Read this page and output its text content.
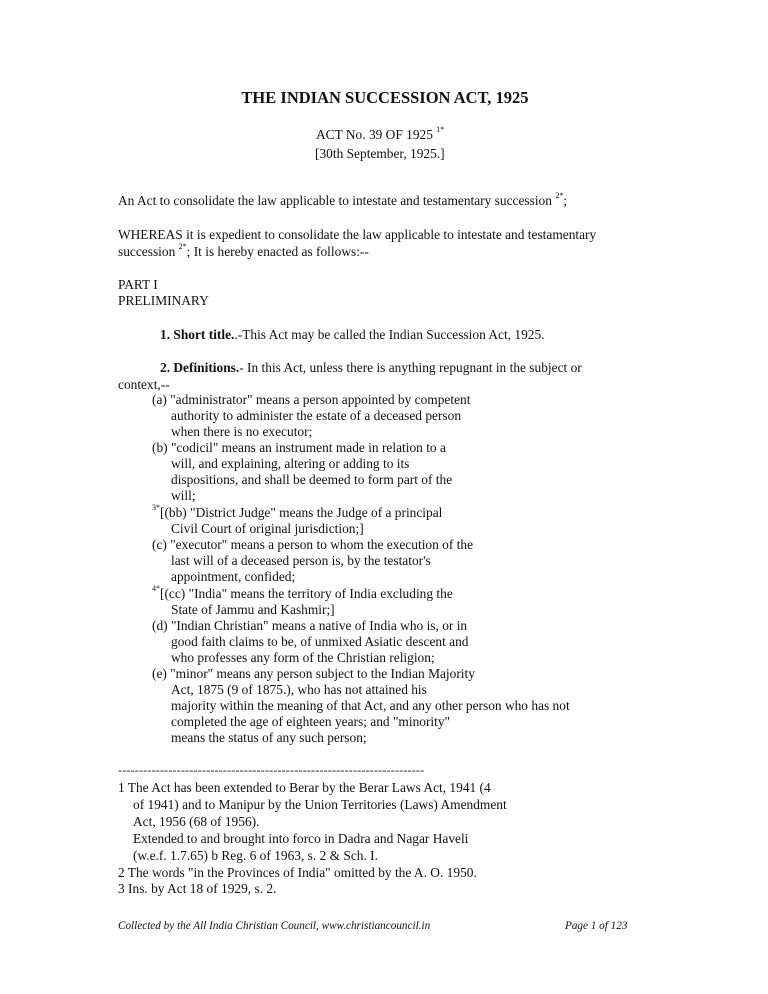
THE INDIAN SUCCESSION ACT, 1925
ACT No. 39 OF 1925 $^{1*}$
[30th September, 1925.]
An Act to consolidate the law applicable to intestate and testamentary succession $^{2*}$;
WHEREAS it is expedient to consolidate the law applicable to intestate and testamentary
succession $^{2*}$; It is hereby enacted as follows:--
PART I
PRELIMINARY
1. Short title..-This Act may be called the Indian Succession Act, 1925.
2. Definitions.- In this Act, unless there is anything repugnant in the subject or
context,--
(a) "administrator" means a person appointed by competent
authority to administer the estate of a deceased person
when there is no executor;
(b) "codicil" means an instrument made in relation to a
will, and explaining, altering or adding to its
dispositions, and shall be deemed to form part of the
will;
$^{3*}$[(bb) "District Judge" means the Judge of a principal
Civil Court of original jurisdiction;]
(c) "executor" means a person to whom the execution of the
last will of a deceased person is, by the testator's
appointment, confided;
$^{4*}$[(cc) "India" means the territory of India excluding the
State of Jammu and Kashmir;]
(d) "Indian Christian" means a native of India who is, or in
good faith claims to be, of unmixed Asiatic descent and
who professes any form of the Christian religion;
(e) "minor" means any person subject to the Indian Majority
Act, 1875 (9 of 1875.), who has not attained his
majority within the meaning of that Act, and any other person who has not
completed the age of eighteen years; and "minority"
means the status of any such person;
-------------------------------------------------------------------------
1 The Act has been extended to Berar by the Berar Laws Act, 1941 (4
of 1941) and to Manipur by the Union Territories (Laws) Amendment
Act, 1956 (68 of 1956).
Extended to and brought into forco in Dadra and Nagar Haveli
(w.e.f. 1.7.65) b Reg. 6 of 1963, s. 2 & Sch. I.
2 The words "in the Provinces of India" omitted by the A. O. 1950.
3 Ins. by Act 18 of 1929, s. 2.
Collected by the All India Christian Council, www.christiancouncil.in	Page 1 of 123
